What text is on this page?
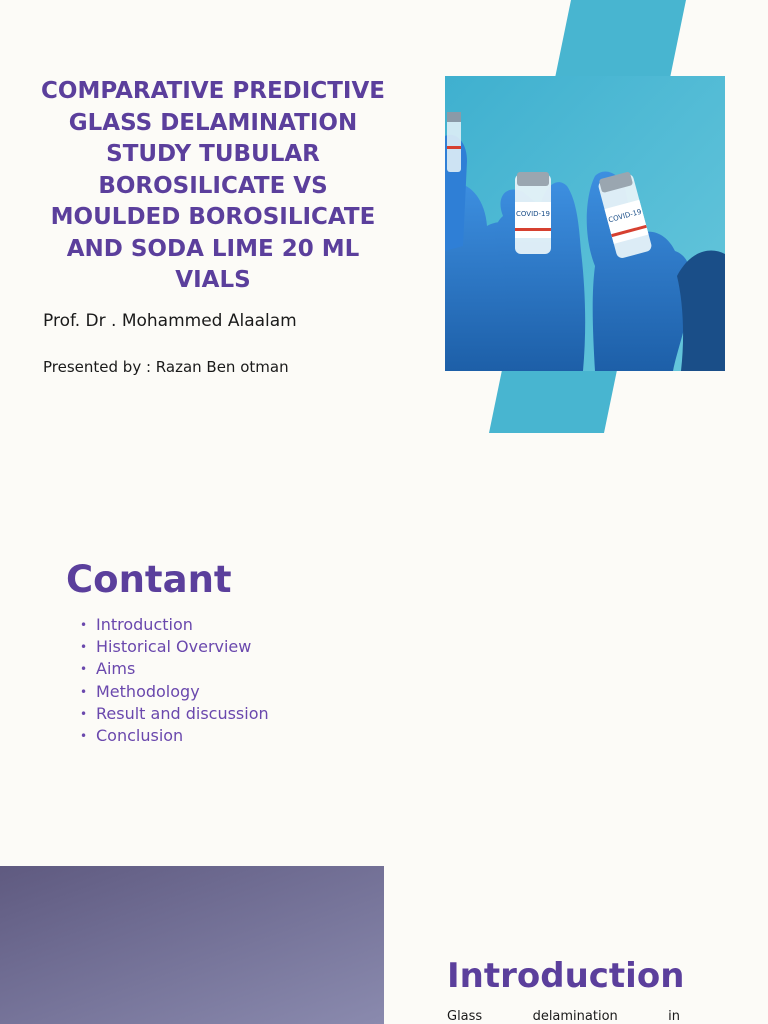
COMPARATIVE PREDICTIVE GLASS DELAMINATION STUDY TUBULAR BOROSILICATE VS MOULDED BOROSILICATE AND SODA LIME 20 ML VIALS

Prof. Dr . Mohammed Alaalam

Presented by : Razan Ben otman

COVID-19	COVID-19
Contant
• Introduction
• Historical Overview
• Aims
• Methodology
• Result and discussion
• Conclusion
Introduction

Glass delamination in
